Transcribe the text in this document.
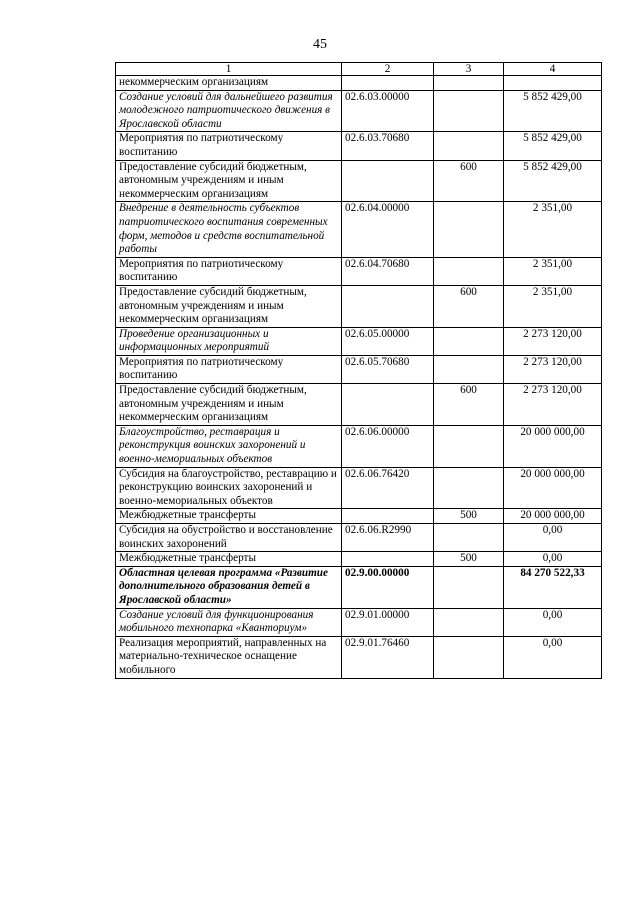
45
1	2	3	4
некоммерческим организациям			
Создание условий для дальнейшего развития молодежного патриотического движения в Ярославской области	02.6.03.00000		5 852 429,00
Мероприятия по патриотическому воспитанию	02.6.03.70680		5 852 429,00
Предоставление субсидий бюджетным, автономным учреждениям и иным некоммерческим организациям		600	5 852 429,00
Внедрение в деятельность субъектов патриотического воспитания современных форм, методов и средств воспитательной работы	02.6.04.00000		2 351,00
Мероприятия по патриотическому воспитанию	02.6.04.70680		2 351,00
Предоставление субсидий бюджетным, автономным учреждениям и иным некоммерческим организациям		600	2 351,00
Проведение организационных и информационных мероприятий	02.6.05.00000		2 273 120,00
Мероприятия по патриотическому воспитанию	02.6.05.70680		2 273 120,00
Предоставление субсидий бюджетным, автономным учреждениям и иным некоммерческим организациям		600	2 273 120,00
Благоустройство, реставрация и реконструкция воинских захоронений и военно-мемориальных объектов	02.6.06.00000		20 000 000,00
Субсидия на благоустройство, реставрацию и реконструкцию воинских захоронений и военно-мемориальных объектов	02.6.06.76420		20 000 000,00
Межбюджетные трансферты		500	20 000 000,00
Субсидия на обустройство и восстановление воинских захоронений	02.6.06.R2990		0,00
Межбюджетные трансферты		500	0,00
Областная целевая программа «Развитие дополнительного образования детей в Ярославской области»	02.9.00.00000		84 270 522,33
Создание условий для функционирования мобильного технопарка «Кванториум»	02.9.01.00000		0,00
Реализация мероприятий, направленных на материально-техническое оснащение мобильного	02.9.01.76460		0,00
